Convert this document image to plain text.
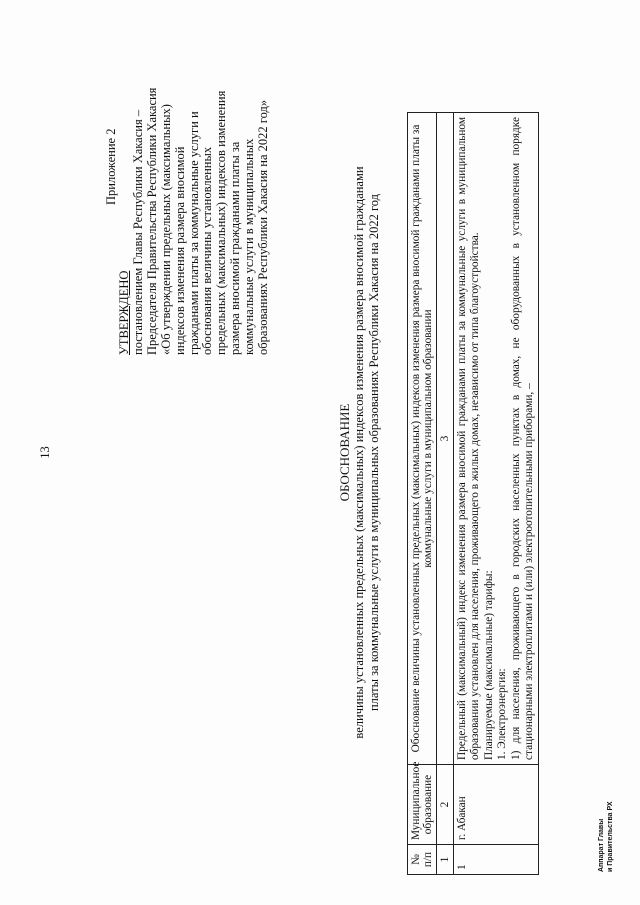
13
Приложение 2
УТВЕРЖДЕНО постановлением Главы Республики Хакасия – Председателя Правительства Республики Хакасия «Об утверждении предельных (максимальных) индексов изменения размера вносимой гражданами платы за коммунальные услуги и обоснования величины установленных предельных (максимальных) индексов изменения размера вносимой гражданами платы за коммунальные услуги в муниципальных образованиях Республики Хакасия на 2022 год»
ОБОСНОВАНИЕ величины установленных предельных (максимальных) индексов изменения размера вносимой гражданами платы за коммунальные услуги в муниципальных образованиях Республики Хакасия на 2022 год
№ п/п	Муниципальное образование	Обоснование величины установленных предельных (максимальных) индексов изменения размера вносимой гражданами платы за коммунальные услуги в муниципальном образовании
1	2	3
1	г. Абакан	Предельный (максимальный) индекс изменения размера вносимой гражданами платы за коммунальные услуги в муниципальном образовании установлен для населения, проживающего в жилых домах, независимо от типа благоустройства. Планируемые (максимальные) тарифы: 1. Электроэнергия: 1) для населения, проживающего в городских населенных пунктах в домах, не оборудованных в установленном порядке стационарными электроплитами и (или) электроотопительными приборами, –

Аппарат Главы и Правительства РХ
